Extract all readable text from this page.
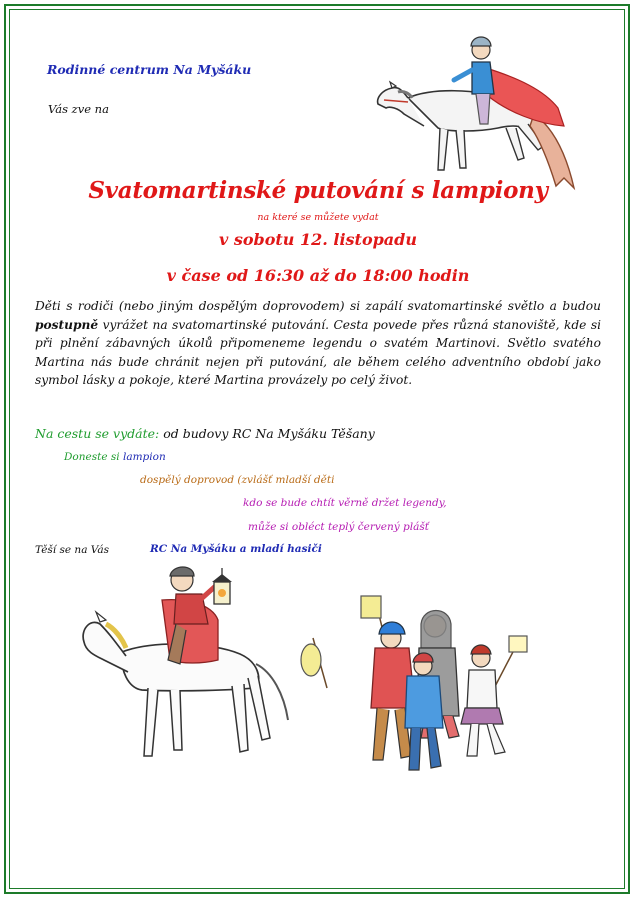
Rodinné centrum Na Myšáku
Vás zve na
Svatomartinské putování s lampiony
na které se můžete vydat
v sobotu 12. listopadu
v čase od 16:30 až do 18:00 hodin
Děti s rodiči (nebo jiným dospělým doprovodem) si zapálí svatomartinské světlo a budou postupně vyrážet na svatomartinské putování. Cesta povede přes různá stanoviště, kde si při plnění zábavných úkolů připomeneme legendu o svatém Martinovi. Světlo svatého Martina nás bude chránit nejen při putování, ale během celého adventního období jako symbol lásky a pokoje, které Martina provázely po celý život.
Na cestu se vydáte: od budovy RC Na Myšáku Těšany
Doneste si lampion
dospělý doprovod (zvlášť mladší děti
kdo se bude chtít věrně držet legendy,
může si obléct teplý červený plášť
Těší se na Vás	RC Na Myšáku a mladí hasiči
